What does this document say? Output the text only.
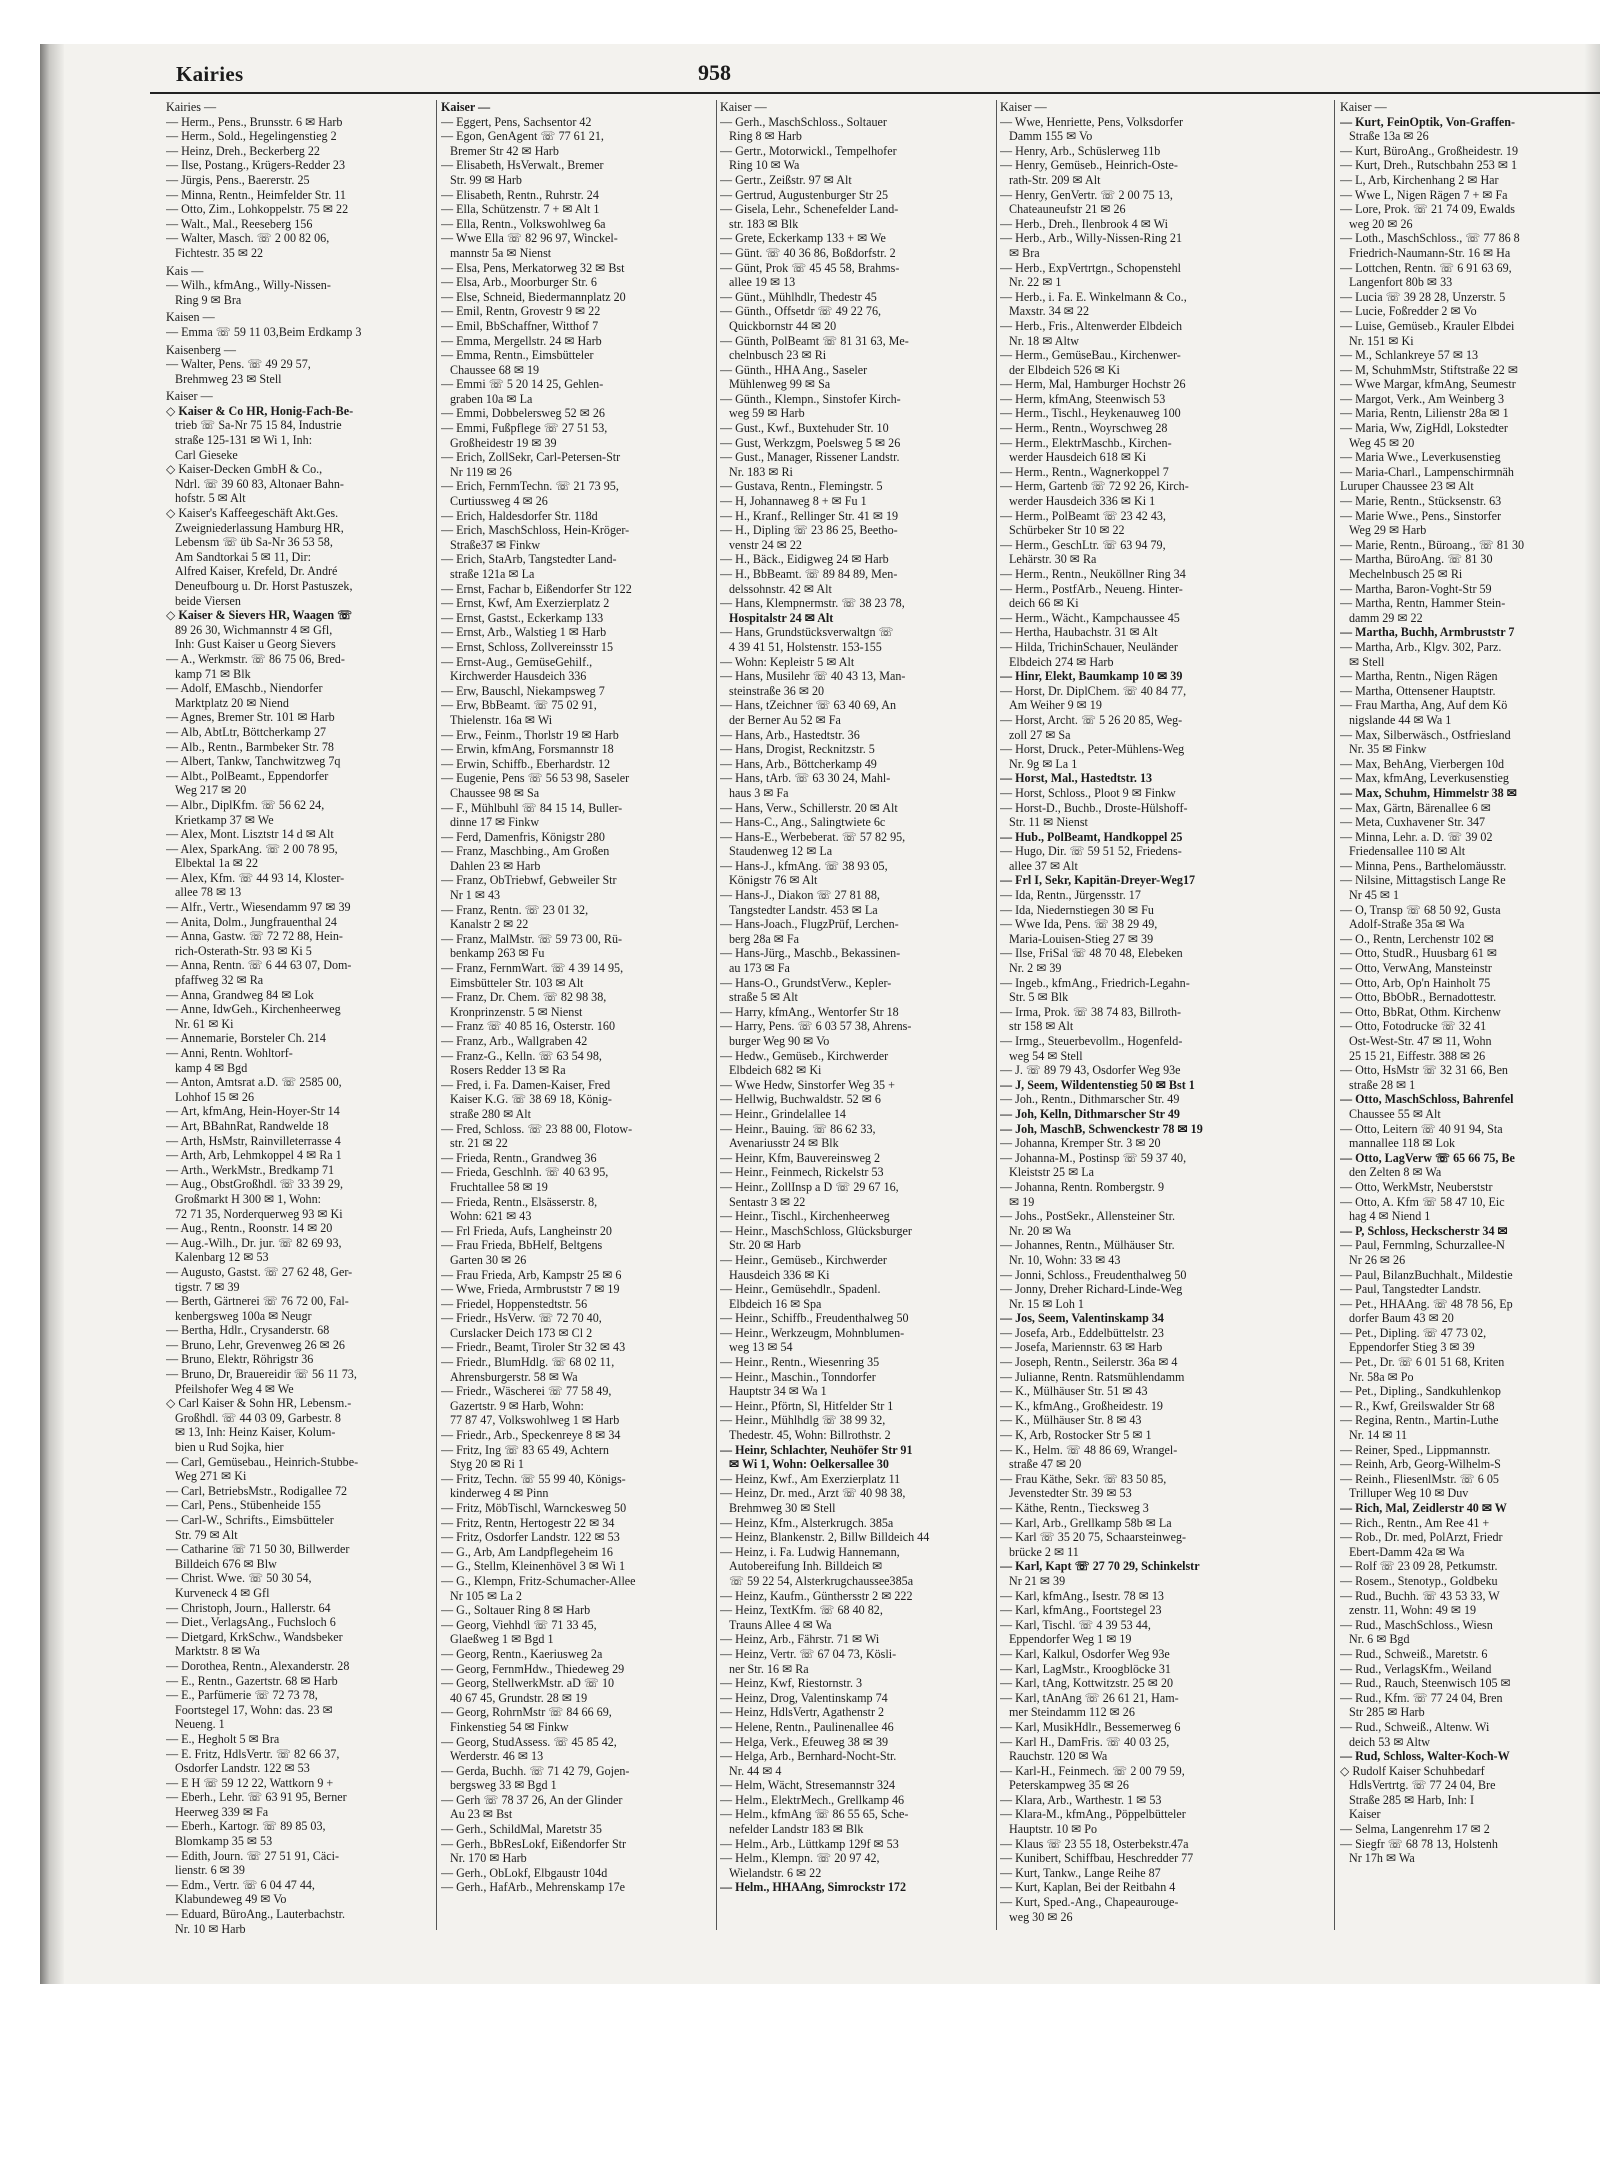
Kairies	958
Kairies —
— Herm., Pens., Brunsstr. 6 ✉ Harb
— Herm., Sold., Hegelingenstieg 2
— Heinz, Dreh., Beckerberg 22
— Ilse, Postang., Krügers-Redder 23
— Jürgis, Pens., Baererstr. 25
— Minna, Rentn., Heimfelder Str. 11
— Otto, Zim., Lohkoppelstr. 75 ✉ 22
— Walt., Mal., Reeseberg 156
— Walter, Masch. ☏ 2 00 82 06,
Fichtestr. 35 ✉ 22
Kais —
— Wilh., kfmAng., Willy-Nissen-
Ring 9 ✉ Bra
Kaisen —
— Emma ☏ 59 11 03,Beim Erdkamp 3
Kaisenberg —
— Walter, Pens. ☏ 49 29 57,
Brehmweg 23 ✉ Stell
Kaiser —
◇ Kaiser & Co HR, Honig-Fach-Be-
trieb ☏ Sa-Nr 75 15 84, Industrie
straße 125-131 ✉ Wi 1, Inh:
Carl Gieseke
◇ Kaiser-Decken GmbH & Co.,
Ndrl. ☏ 39 60 83, Altonaer Bahn-
hofstr. 5 ✉ Alt
◇ Kaiser's Kaffeegeschäft Akt.Ges.
Zweigniederlassung Hamburg HR,
Lebensm ☏ üb Sa-Nr 36 53 58,
Am Sandtorkai 5 ✉ 11, Dir:
Alfred Kaiser, Krefeld, Dr. André
Deneufbourg u. Dr. Horst Pastuszek,
beide Viersen
◇ Kaiser & Sievers HR, Waagen ☏
89 26 30, Wichmannstr 4 ✉ Gfl,
Inh: Gust Kaiser u Georg Sievers
— A., Werkmstr. ☏ 86 75 06, Bred-
kamp 71 ✉ Blk
— Adolf, EMaschb., Niendorfer
Marktplatz 20 ✉ Niend
— Agnes, Bremer Str. 101 ✉ Harb
— Alb, AbtLtr, Böttcherkamp 27
— Alb., Rentn., Barmbeker Str. 78
— Albert, Tankw, Tanchwitzweg 7q
— Albt., PolBeamt., Eppendorfer
Weg 217 ✉ 20
— Albr., DiplKfm. ☏ 56 62 24,
Krietkamp 37 ✉ We
— Alex, Mont. Lisztstr 14 d ✉ Alt
— Alex, SparkAng. ☏ 2 00 78 95,
Elbektal 1a ✉ 22
— Alex, Kfm. ☏ 44 93 14, Kloster-
allee 78 ✉ 13
— Alfr., Vertr., Wiesendamm 97 ✉ 39
— Anita, Dolm., Jungfrauenthal 24
— Anna, Gastw. ☏ 72 72 88, Hein-
rich-Osterath-Str. 93 ✉ Ki 5
— Anna, Rentn. ☏ 6 44 63 07, Dom-
pfaffweg 32 ✉ Ra
— Anna, Grandweg 84 ✉ Lok
— Anne, IdwGeh., Kirchenheerweg
Nr. 61 ✉ Ki
— Annemarie, Borsteler Ch. 214
— Anni, Rentn. Wohltorf-
kamp 4 ✉ Bgd
— Anton, Amtsrat a.D. ☏ 2585 00,
Lohhof 15 ✉ 26
— Art, kfmAng, Hein-Hoyer-Str 14
— Art, BBahnRat, Randwelde 18
— Arth, HsMstr, Rainvilleterrasse 4
— Arth, Arb, Lehmkoppel 4 ✉ Ra 1
— Arth., WerkMstr., Bredkamp 71
— Aug., ObstGroßhdl. ☏ 33 39 29,
Großmarkt H 300 ✉ 1, Wohn:
72 71 35, Norderquerweg 93 ✉ Ki
— Aug., Rentn., Roonstr. 14 ✉ 20
— Aug.-Wilh., Dr. jur. ☏ 82 69 93,
Kalenbarg 12 ✉ 53
— Augusto, Gastst. ☏ 27 62 48, Ger-
tigstr. 7 ✉ 39
— Berth, Gärtnerei ☏ 76 72 00, Fal-
kenbergsweg 100a ✉ Neugr
— Bertha, Hdlr., Crysanderstr. 68
— Bruno, Lehr, Grevenweg 26 ✉ 26
— Bruno, Elektr, Röhrigstr 36
— Bruno, Dr, Brauereidir ☏ 56 11 73,
Pfeilshofer Weg 4 ✉ We
◇ Carl Kaiser & Sohn HR, Lebensm.-
Großhdl. ☏ 44 03 09, Garbestr. 8
✉ 13, Inh: Heinz Kaiser, Kolum-
bien u Rud Sojka, hier
— Carl, Gemüsebau., Heinrich-Stubbe-
Weg 271 ✉ Ki
— Carl, BetriebsMstr., Rodigallee 72
— Carl, Pens., Stübenheide 155
— Carl-W., Schrifts., Eimsbütteler
Str. 79 ✉ Alt
— Catharine ☏ 71 50 30, Billwerder
Billdeich 676 ✉ Blw
— Christ. Wwe. ☏ 50 30 54,
Kurveneck 4 ✉ Gfl
— Christoph, Journ., Hallerstr. 64
— Diet., VerlagsAng., Fuchsloch 6
— Dietgard, KrkSchw., Wandsbeker
Marktstr. 8 ✉ Wa
— Dorothea, Rentn., Alexanderstr. 28
— E., Rentn., Gazertstr. 68 ✉ Harb
— E., Parfümerie ☏ 72 73 78,
Foortstegel 17, Wohn: das. 23 ✉
Neueng. 1
— E., Hegholt 5 ✉ Bra
— E. Fritz, HdlsVertr. ☏ 82 66 37,
Osdorfer Landstr. 122 ✉ 53
— E H ☏ 59 12 22, Wattkorn 9 +
— Eberh., Lehr. ☏ 63 91 95, Berner
Heerweg 339 ✉ Fa
— Eberh., Kartogr. ☏ 89 85 03,
Blomkamp 35 ✉ 53
— Edith, Journ. ☏ 27 51 91, Cäci-
lienstr. 6 ✉ 39
— Edm., Vertr. ☏ 6 04 47 44,
Klabundeweg 49 ✉ Vo
— Eduard, BüroAng., Lauterbachstr.
Nr. 10 ✉ Harb
Kaiser —
— Eggert, Pens, Sachsentor 42
— Egon, GenAgent ☏ 77 61 21,
Bremer Str 42 ✉ Harb
— Elisabeth, HsVerwalt., Bremer
Str. 99 ✉ Harb
— Elisabeth, Rentn., Ruhrstr. 24
— Ella, Schützenstr. 7 + ✉ Alt 1
— Ella, Rentn., Volkswohlweg 6a
— Wwe Ella ☏ 82 96 97, Winckel-
mannstr 5a ✉ Nienst
— Elsa, Pens, Merkatorweg 32 ✉ Bst
— Elsa, Arb., Moorburger Str. 6
— Else, Schneid, Biedermannplatz 20
— Emil, Rentn, Grovestr 9 ✉ 22
— Emil, BbSchaffner, Witthof 7
— Emma, Mergellstr. 24 ✉ Harb
— Emma, Rentn., Eimsbütteler
Chaussee 68 ✉ 19
— Emmi ☏ 5 20 14 25, Gehlen-
graben 10a ✉ La
— Emmi, Dobbelersweg 52 ✉ 26
— Emmi, Fußpflege ☏ 27 51 53,
Großheidestr 19 ✉ 39
— Erich, ZollSekr, Carl-Petersen-Str
Nr 119 ✉ 26
— Erich, FernmTechn. ☏ 21 73 95,
Curtiussweg 4 ✉ 26
— Erich, Haldesdorfer Str. 118d
— Erich, MaschSchloss, Hein-Kröger-
Straße37 ✉ Finkw
— Erich, StaArb, Tangstedter Land-
straße 121a ✉ La
— Ernst, Fachar b, Eißendorfer Str 122
— Ernst, Kwf, Am Exerzierplatz 2
— Ernst, Gastst., Eckerkamp 133
— Ernst, Arb., Walstieg 1 ✉ Harb
— Ernst, Schloss, Zollvereinsstr 15
— Ernst-Aug., GemüseGehilf.,
Kirchwerder Hausdeich 336
— Erw, Bauschl, Niekampsweg 7
— Erw, BbBeamt. ☏ 75 02 91,
Thielenstr. 16a ✉ Wi
— Erw., Feinm., Thorlstr 19 ✉ Harb
— Erwin, kfmAng, Forsmannstr 18
— Erwin, Schiffb., Eberhardstr. 12
— Eugenie, Pens ☏ 56 53 98, Saseler
Chaussee 98 ✉ Sa
— F., Mühlbuhl ☏ 84 15 14, Buller-
dinne 17 ✉ Finkw
— Ferd, Damenfris, Königstr 280
— Franz, Maschbing., Am Großen
Dahlen 23 ✉ Harb
— Franz, ObTriebwf, Gebweiler Str
Nr 1 ✉ 43
— Franz, Rentn. ☏ 23 01 32,
Kanalstr 2 ✉ 22
— Franz, MalMstr. ☏ 59 73 00, Rü-
benkamp 263 ✉ Fu
— Franz, FernmWart. ☏ 4 39 14 95,
Eimsbütteler Str. 103 ✉ Alt
— Franz, Dr. Chem. ☏ 82 98 38,
Kronprinzenstr. 5 ✉ Nienst
— Franz ☏ 40 85 16, Osterstr. 160
— Franz, Arb., Wallgraben 42
— Franz-G., Kelln. ☏ 63 54 98,
Rosers Redder 13 ✉ Ra
— Fred, i. Fa. Damen-Kaiser, Fred
Kaiser K.G. ☏ 38 69 18, König-
straße 280 ✉ Alt
— Fred, Schloss. ☏ 23 88 00, Flotow-
str. 21 ✉ 22
— Frieda, Rentn., Grandweg 36
— Frieda, Geschlnh. ☏ 40 63 95,
Fruchtallee 58 ✉ 19
— Frieda, Rentn., Elsässerstr. 8,
Wohn: 621 ✉ 43
— Frl Frieda, Aufs, Langheinstr 20
— Frau Frieda, BbHelf, Beltgens
Garten 30 ✉ 26
— Frau Frieda, Arb, Kampstr 25 ✉ 6
— Wwe, Frieda, Armbruststr 7 ✉ 19
— Friedel, Hoppenstedtstr. 56
— Friedr., HsVerw. ☏ 72 70 40,
Curslacker Deich 173 ✉ Cl 2
— Friedr., Beamt, Tiroler Str 32 ✉ 43
— Friedr., BlumHdlg. ☏ 68 02 11,
Ahrensburgerstr. 58 ✉ Wa
— Friedr., Wäscherei ☏ 77 58 49,
Gazertstr. 9 ✉ Harb, Wohn:
77 87 47, Volkswohlweg 1 ✉ Harb
— Friedr., Arb., Speckenreye 8 ✉ 34
— Fritz, Ing ☏ 83 65 49, Achtern
Styg 20 ✉ Ri 1
— Fritz, Techn. ☏ 55 99 40, Königs-
kinderweg 4 ✉ Pinn
— Fritz, MöbTischl, Warnckesweg 50
— Fritz, Rentn, Hertogestr 22 ✉ 34
— Fritz, Osdorfer Landstr. 122 ✉ 53
— G., Arb, Am Landpflegeheim 16
— G., Stellm, Kleinenhövel 3 ✉ Wi 1
— G., Klempn, Fritz-Schumacher-Allee
Nr 105 ✉ La 2
— G., Soltauer Ring 8 ✉ Harb
— Georg, Viehhdl ☏ 71 33 45,
Glaeßweg 1 ✉ Bgd 1
— Georg, Rentn., Kaeriusweg 2a
— Georg, FernmHdw., Thiedeweg 29
— Georg, StellwerkMstr. aD ☏ 10
40 67 45, Grundstr. 28 ✉ 19
— Georg, RohrnMstr ☏ 84 66 69,
Finkenstieg 54 ✉ Finkw
— Georg, StudAssess. ☏ 45 85 42,
Werderstr. 46 ✉ 13
— Gerda, Buchh. ☏ 71 42 79, Gojen-
bergsweg 33 ✉ Bgd 1
— Gerh ☏ 78 37 26, An der Glinder
Au 23 ✉ Bst
— Gerh., SchildMal, Maretstr 35
— Gerh., BbResLokf, Eißendorfer Str
Nr. 170 ✉ Harb
— Gerh., ObLokf, Elbgaustr 104d
— Gerh., HafArb., Mehrenskamp 17e
Kaiser —
— Gerh., MaschSchloss., Soltauer
Ring 8 ✉ Harb
— Gertr., Motorwickl., Tempelhofer
Ring 10 ✉ Wa
— Gertr., Zeißstr. 97 ✉ Alt
— Gertrud, Augustenburger Str 25
— Gisela, Lehr., Schenefelder Land-
str. 183 ✉ Blk
— Grete, Eckerkamp 133 + ✉ We
— Günt. ☏ 40 36 86, Boßdorfstr. 2
— Günt, Prok ☏ 45 45 58, Brahms-
allee 19 ✉ 13
— Günt., Mühlhdlr, Thedestr 45
— Günth., Offsetdr ☏ 49 22 76,
Quickbornstr 44 ✉ 20
— Günth, PolBeamt ☏ 81 31 63, Me-
chelnbusch 23 ✉ Ri
— Günth., HHA Ang., Saseler
Mühlenweg 99 ✉ Sa
— Günth., Klempn., Sinstofer Kirch-
weg 59 ✉ Harb
— Gust., Kwf., Buxtehuder Str. 10
— Gust, Werkzgm, Poelsweg 5 ✉ 26
— Gust., Manager, Rissener Landstr.
Nr. 183 ✉ Ri
— Gustava, Rentn., Flemingstr. 5
— H, Johannaweg 8 + ✉ Fu 1
— H., Kranf., Rellinger Str. 41 ✉ 19
— H., Dipling ☏ 23 86 25, Beetho-
venstr 24 ✉ 22
— H., Bäck., Eidigweg 24 ✉ Harb
— H., BbBeamt. ☏ 89 84 89, Men-
delssohnstr. 42 ✉ Alt
— Hans, Klempnermstr. ☏ 38 23 78,
Hospitalstr 24 ✉ Alt
— Hans, Grundstücksverwaltgn ☏
4 39 41 51, Holstenstr. 153-155
— Wohn: Kepleistr 5 ✉ Alt
— Hans, Musilehr ☏ 40 43 13, Man-
steinstraße 36 ✉ 20
— Hans, tZeichner ☏ 63 40 69, An
der Berner Au 52 ✉ Fa
— Hans, Arb., Hastedtstr. 36
— Hans, Drogist, Recknitzstr. 5
— Hans, Arb., Böttcherkamp 49
— Hans, tArb. ☏ 63 30 24, Mahl-
haus 3 ✉ Fa
— Hans, Verw., Schillerstr. 20 ✉ Alt
— Hans-C., Ang., Salingtwiete 6c
— Hans-E., Werbeberat. ☏ 57 82 95,
Staudenweg 12 ✉ La
— Hans-J., kfmAng. ☏ 38 93 05,
Königstr 76 ✉ Alt
— Hans-J., Diakon ☏ 27 81 88,
Tangstedter Landstr. 453 ✉ La
— Hans-Joach., FlugzPrüf, Lerchen-
berg 28a ✉ Fa
— Hans-Jürg., Maschb., Bekassinen-
au 173 ✉ Fa
— Hans-O., GrundstVerw., Kepler-
straße 5 ✉ Alt
— Harry, kfmAng., Wentorfer Str 18
— Harry, Pens. ☏ 6 03 57 38, Ahrens-
burger Weg 90 ✉ Vo
— Hedw., Gemüseb., Kirchwerder
Elbdeich 682 ✉ Ki
— Wwe Hedw, Sinstorfer Weg 35 +
— Hellwig, Buchwaldstr. 52 ✉ 6
— Heinr., Grindelallee 14
— Heinr., Bauing. ☏ 86 62 33,
Avenariusstr 24 ✉ Blk
— Heinr, Kfm, Bauvereinsweg 2
— Heinr., Feinmech, Rickelstr 53
— Heinr., ZollInsp a D ☏ 29 67 16,
Sentastr 3 ✉ 22
— Heinr., Tischl., Kirchenheerweg
— Heinr., MaschSchloss, Glücksburger
Str. 20 ✉ Harb
— Heinr., Gemüseb., Kirchwerder
Hausdeich 336 ✉ Ki
— Heinr., Gemüsehdlr., Spadenl.
Elbdeich 16 ✉ Spa
— Heinr., Schiffb., Freudenthalweg 50
— Heinr., Werkzeugm, Mohnblumen-
weg 13 ✉ 54
— Heinr., Rentn., Wiesenring 35
— Heinr., Maschin., Tonndorfer
Hauptstr 34 ✉ Wa 1
— Heinr., Pförtn, Sl, Hitfelder Str 1
— Heinr., Mühlhdlg ☏ 38 99 32,
Thedestr. 45, Wohn: Billrothstr. 2
— Heinr, Schlachter, Neuhöfer Str 91
✉ Wi 1, Wohn: Oelkersallee 30
— Heinz, Kwf., Am Exerzierplatz 11
— Heinz, Dr. med., Arzt ☏ 40 98 38,
Brehmweg 30 ✉ Stell
— Heinz, Kfm., Alsterkrugch. 385a
— Heinz, Blankenstr. 2, Billw Billdeich 44
— Heinz, i. Fa. Ludwig Hannemann,
Autobereifung Inh. Billdeich ✉
☏ 59 22 54, Alsterkrugchaussee385a
— Heinz, Kaufm., Günthersstr 2 ✉ 222
— Heinz, TextKfm. ☏ 68 40 82,
Trauns Allee 4 ✉ Wa
— Heinz, Arb., Fährstr. 71 ✉ Wi
— Heinz, Vertr. ☏ 67 04 73, Kösli-
ner Str. 16 ✉ Ra
— Heinz, Kwf, Riestornstr. 3
— Heinz, Drog, Valentinskamp 74
— Heinz, HdlsVertr, Agathenstr 2
— Helene, Rentn., Paulinenallee 46
— Helga, Verk., Efeuweg 38 ✉ 39
— Helga, Arb., Bernhard-Nocht-Str.
Nr. 44 ✉ 4
— Helm, Wächt, Stresemannstr 324
— Helm., ElektrMech., Grellkamp 46
— Helm., kfmAng ☏ 86 55 65, Sche-
nefelder Landstr 183 ✉ Blk
— Helm., Arb., Lüttkamp 129f ✉ 53
— Helm., Klempn. ☏ 20 97 42,
Wielandstr. 6 ✉ 22
— Helm., HHAAng, Simrockstr 172
Kaiser —
— Wwe, Henriette, Pens, Volksdorfer
Damm 155 ✉ Vo
— Henry, Arb., Schüslerweg 11b
— Henry, Gemüseb., Heinrich-Oste-
rath-Str. 209 ✉ Alt
— Henry, GenVertr. ☏ 2 00 75 13,
Chateauneufstr 21 ✉ 26
— Herb., Dreh., Ilenbrook 4 ✉ Wi
— Herb., Arb., Willy-Nissen-Ring 21
✉ Bra
— Herb., ExpVertrtgn., Schopenstehl
Nr. 22 ✉ 1
— Herb., i. Fa. E. Winkelmann & Co.,
Maxstr. 34 ✉ 22
— Herb., Fris., Altenwerder Elbdeich
Nr. 18 ✉ Altw
— Herm., GemüseBau., Kirchenwer-
der Elbdeich 526 ✉ Ki
— Herm, Mal, Hamburger Hochstr 26
— Herm, kfmAng, Steenwisch 53
— Herm., Tischl., Heykenauweg 100
— Herm., Rentn., Woyrschweg 28
— Herm., ElektrMaschb., Kirchen-
werder Hausdeich 618 ✉ Ki
— Herm., Rentn., Wagnerkoppel 7
— Herm, Gartenb ☏ 72 92 26, Kirch-
werder Hausdeich 336 ✉ Ki 1
— Herm., PolBeamt ☏ 23 42 43,
Schürbeker Str 10 ✉ 22
— Herm., GeschLtr. ☏ 63 94 79,
Lehärstr. 30 ✉ Ra
— Herm., Rentn., Neuköllner Ring 34
— Herm., PostfArb., Neueng. Hinter-
deich 66 ✉ Ki
— Herm., Wächt., Kampchaussee 45
— Hertha, Haubachstr. 31 ✉ Alt
— Hilda, TrichinSchauer, Neuländer
Elbdeich 274 ✉ Harb
— Hinr, Elekt, Baumkamp 10 ✉ 39
— Horst, Dr. DiplChem. ☏ 40 84 77,
Am Weiher 9 ✉ 19
— Horst, Archt. ☏ 5 26 20 85, Weg-
zoll 27 ✉ Sa
— Horst, Druck., Peter-Mühlens-Weg
Nr. 9g ✉ La 1
— Horst, Mal., Hastedtstr. 13
— Horst, Schloss., Ploot 9 ✉ Finkw
— Horst-D., Buchb., Droste-Hülshoff-
Str. 11 ✉ Nienst
— Hub., PolBeamt, Handkoppel 25
— Hugo, Dir. ☏ 59 51 52, Friedens-
allee 37 ✉ Alt
— Frl I, Sekr, Kapitän-Dreyer-Weg17
— Ida, Rentn., Jürgensstr. 17
— Ida, Niedernstiegen 30 ✉ Fu
— Wwe Ida, Pens. ☏ 38 29 49,
Maria-Louisen-Stieg 27 ✉ 39
— Ilse, FriSal ☏ 48 70 48, Elebeken
Nr. 2 ✉ 39
— Ingeb., kfmAng., Friedrich-Legahn-
Str. 5 ✉ Blk
— Irma, Prok. ☏ 38 74 83, Billroth-
str 158 ✉ Alt
— Irmg., Steuerbevollm., Hogenfeld-
weg 54 ✉ Stell
— J. ☏ 89 79 43, Osdorfer Weg 93e
— J, Seem, Wildentenstieg 50 ✉ Bst 1
— Joh., Rentn., Dithmarscher Str. 49
— Joh, Kelln, Dithmarscher Str 49
— Joh, MaschB, Schwenckestr 78 ✉ 19
— Johanna, Kremper Str. 3 ✉ 20
— Johanna-M., Postinsp ☏ 59 37 40,
Kleiststr 25 ✉ La
— Johanna, Rentn. Rombergstr. 9
✉ 19
— Johs., PostSekr., Allensteiner Str.
Nr. 20 ✉ Wa
— Johannes, Rentn., Mülhäuser Str.
Nr. 10, Wohn: 33 ✉ 43
— Jonni, Schloss., Freudenthalweg 50
— Jonny, Dreher Richard-Linde-Weg
Nr. 15 ✉ Loh 1
— Jos, Seem, Valentinskamp 34
— Josefa, Arb., Eddelbüttelstr. 23
— Josefa, Mariennstr. 63 ✉ Harb
— Joseph, Rentn., Seilerstr. 36a ✉ 4
— Julianne, Rentn. Ratsmühlendamm
— K., Mülhäuser Str. 51 ✉ 43
— K., kfmAng., Großheidestr. 19
— K., Mülhäuser Str. 8 ✉ 43
— K, Arb, Rostocker Str 5 ✉ 1
— K., Helm. ☏ 48 86 69, Wrangel-
straße 47 ✉ 20
— Frau Käthe, Sekr. ☏ 83 50 85,
Jevenstedter Str. 39 ✉ 53
— Käthe, Rentn., Tiecksweg 3
— Karl, Arb., Grellkamp 58b ✉ La
— Karl ☏ 35 20 75, Schaarsteinweg-
brücke 2 ✉ 11
— Karl, Kapt ☏ 27 70 29, Schinkelstr
Nr 21 ✉ 39
— Karl, kfmAng., Isestr. 78 ✉ 13
— Karl, kfmAng., Foortstegel 23
— Karl, Tischl. ☏ 4 39 53 44,
Eppendorfer Weg 1 ✉ 19
— Karl, Kalkul, Osdorfer Weg 93e
— Karl, LagMstr., Kroogblöcke 31
— Karl, tAng, Kottwitzstr. 25 ✉ 20
— Karl, tAnAng ☏ 26 61 21, Ham-
mer Steindamm 112 ✉ 26
— Karl, MusikHdlr., Bessemerweg 6
— Karl H., DamFris. ☏ 40 03 25,
Rauchstr. 120 ✉ Wa
— Karl-H., Feinmech. ☏ 2 00 79 59,
Peterskampweg 35 ✉ 26
— Klara, Arb., Warthestr. 1 ✉ 53
— Klara-M., kfmAng., Pöppelbütteler
Hauptstr. 10 ✉ Po
— Klaus ☏ 23 55 18, Osterbekstr.47a
— Kunibert, Schiffbau, Heschredder 77
— Kurt, Tankw., Lange Reihe 87
— Kurt, Kaplan, Bei der Reitbahn 4
— Kurt, Sped.-Ang., Chapeaurouge-
weg 30 ✉ 26
Kaiser —
— Kurt, FeinOptik, Von-Graffen-
Straße 13a ✉ 26
— Kurt, BüroAng., Großheidestr. 19
— Kurt, Dreh., Rutschbahn 253 ✉ 1
— L, Arb, Kirchenhang 2 ✉ Har
— Wwe L, Nigen Rägen 7 + ✉ Fa
— Lore, Prok. ☏ 21 74 09, Ewalds
weg 20 ✉ 26
— Loth., MaschSchloss., ☏ 77 86 8
Friedrich-Naumann-Str. 16 ✉ Ha
— Lottchen, Rentn. ☏ 6 91 63 69,
Langenfort 80b ✉ 33
— Lucia ☏ 39 28 28, Unzerstr. 5
— Lucie, Foßredder 2 ✉ Vo
— Luise, Gemüseb., Krauler Elbdei
Nr. 151 ✉ Ki
— M., Schlankreye 57 ✉ 13
— M, SchuhmMstr, Stiftstraße 22 ✉
— Wwe Margar, kfmAng, Seumestr
— Margot, Verk., Am Weinberg 3
— Maria, Rentn, Lilienstr 28a ✉ 1
— Maria, Ww, ZigHdl, Lokstedter
Weg 45 ✉ 20
— Maria Wwe., Leverkusenstieg
— Maria-Charl., Lampenschirmnäh
Luruper Chaussee 23 ✉ Alt
— Marie, Rentn., Stücksenstr. 63
— Marie Wwe., Pens., Sinstorfer
Weg 29 ✉ Harb
— Marie, Rentn., Büroang., ☏ 81 30
— Martha, BüroAng. ☏ 81 30
Mechelnbusch 25 ✉ Ri
— Martha, Baron-Voght-Str 59
— Martha, Rentn, Hammer Stein-
damm 29 ✉ 22
— Martha, Buchh, Armbruststr 7
— Martha, Arb., Klgv. 302, Parz.
✉ Stell
— Martha, Rentn., Nigen Rägen
— Martha, Ottensener Hauptstr.
— Frau Martha, Ang, Auf dem Kö
nigslande 44 ✉ Wa 1
— Max, Silberwäsch., Ostfriesland
Nr. 35 ✉ Finkw
— Max, BehAng, Vierbergen 10d
— Max, kfmAng, Leverkusenstieg
— Max, Schuhm, Himmelstr 38 ✉
— Max, Gärtn, Bärenallee 6 ✉
— Meta, Cuxhavener Str. 347
— Minna, Lehr. a. D. ☏ 39 02
Friedensallee 110 ✉ Alt
— Minna, Pens., Barthelomäusstr.
— Nilsine, Mittagstisch Lange Re
Nr 45 ✉ 1
— O, Transp ☏ 68 50 92, Gusta
Adolf-Straße 35a ✉ Wa
— O., Rentn, Lerchenstr 102 ✉
— Otto, StudR., Huusbarg 61 ✉
— Otto, VerwAng, Mansteinstr
— Otto, Arb, Op'n Hainholt 75
— Otto, BbObR., Bernadottestr.
— Otto, BbRat, Othm. Kirchenw
— Otto, Fotodrucke ☏ 32 41
Ost-West-Str. 47 ✉ 11, Wohn
25 15 21, Eiffestr. 388 ✉ 26
— Otto, HsMstr ☏ 32 31 66, Ben
straße 28 ✉ 1
— Otto, MaschSchloss, Bahrenfel
Chaussee 55 ✉ Alt
— Otto, Leitern ☏ 40 91 94, Sta
mannallee 118 ✉ Lok
— Otto, LagVerw ☏ 65 66 75, Be
den Zelten 8 ✉ Wa
— Otto, WerkMstr, Neuberststr
— Otto, A. Kfm ☏ 58 47 10, Eic
hag 4 ✉ Niend 1
— P, Schloss, Heckscherstr 34 ✉
— Paul, Fernmlng, Schurzallee-N
Nr 26 ✉ 26
— Paul, BilanzBuchhalt., Mildestie
— Paul, Tangstedter Landstr.
— Pet., HHAAng. ☏ 48 78 56, Ep
dorfer Baum 43 ✉ 20
— Pet., Dipling. ☏ 47 73 02,
Eppendorfer Stieg 3 ✉ 39
— Pet., Dr. ☏ 6 01 51 68, Kriten
Nr. 58a ✉ Po
— Pet., Dipling., Sandkuhlenkop
— R., Kwf, Greilswalder Str 68
— Regina, Rentn., Martin-Luthe
Nr. 14 ✉ 11
— Reiner, Sped., Lippmannstr.
— Reinh, Arb, Georg-Wilhelm-S
— Reinh., FliesenlMstr. ☏ 6 05
Trilluper Weg 10 ✉ Duv
— Rich, Mal, Zeidlerstr 40 ✉ W
— Rich., Rentn., Am Ree 41 +
— Rob., Dr. med, PolArzt, Friedr
Ebert-Damm 42a ✉ Wa
— Rolf ☏ 23 09 28, Petkumstr.
— Rosem., Stenotyp., Goldbeku
— Rud., Buchh. ☏ 43 53 33, W
zenstr. 11, Wohn: 49 ✉ 19
— Rud., MaschSchloss., Wiesn
Nr. 6 ✉ Bgd
— Rud., Schweiß., Maretstr. 6
— Rud., VerlagsKfm., Weiland
— Rud., Rauch, Steenwisch 105 ✉
— Rud., Kfm. ☏ 77 24 04, Bren
Str 285 ✉ Harb
— Rud., Schweiß., Altenw. Wi
deich 53 ✉ Altw
— Rud, Schloss, Walter-Koch-W
◇ Rudolf Kaiser Schuhbedarf
HdlsVertrtg. ☏ 77 24 04, Bre
Straße 285 ✉ Harb, Inh: I
Kaiser
— Selma, Langenrehm 17 ✉ 2
— Siegfr ☏ 68 78 13, Holstenh
Nr 17h ✉ Wa
